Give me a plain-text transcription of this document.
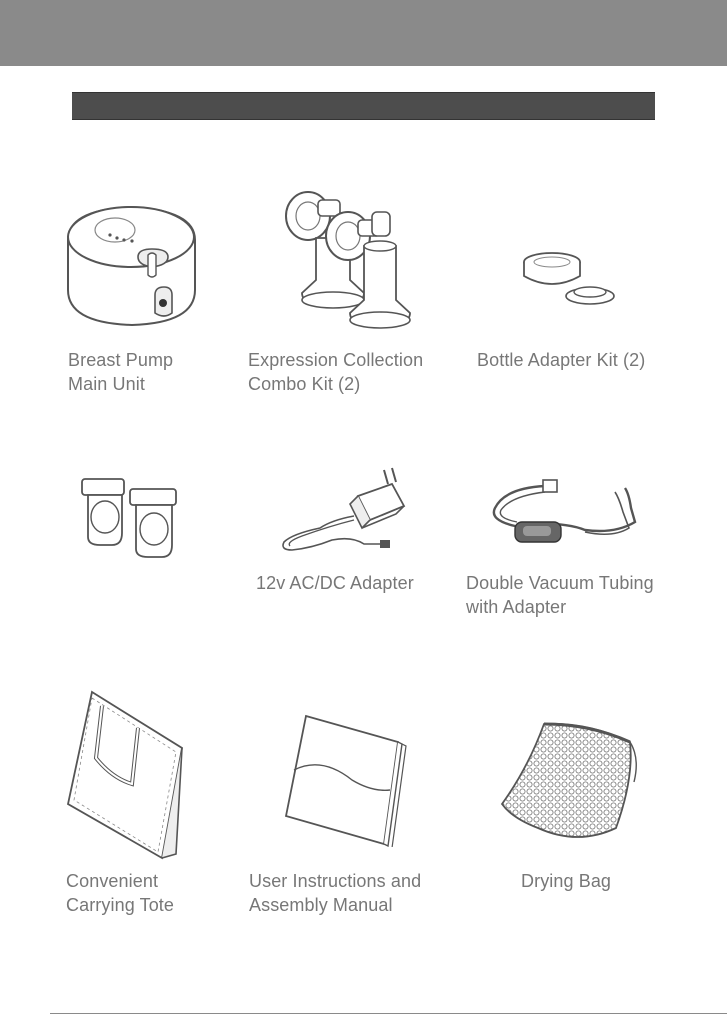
Breast Pump
Main Unit
Expression Collection
Combo Kit (2)
Bottle Adapter Kit (2)
12v AC/DC Adapter	Double Vacuum Tubing
with Adapter
Convenient
Carrying Tote
User Instructions and
Assembly Manual
Drying Bag
